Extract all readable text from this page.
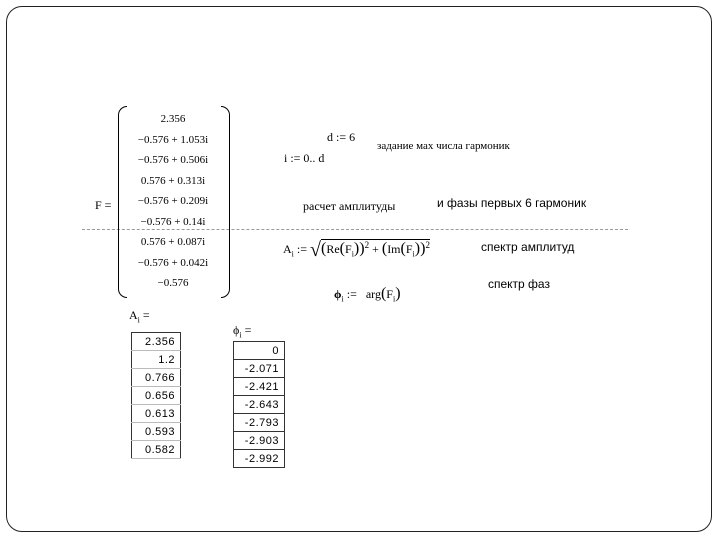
F =
2.356
−0.576 + 1.053i
−0.576 + 0.506i
0.576 + 0.313i
−0.576 + 0.209i
−0.576 + 0.14i
0.576 + 0.087i
−0.576 + 0.042i
−0.576
d := 6
задание мах числа гармоник
i := 0.. d
расчет амплитуды	и фазы первых 6 гармоник
$A_i$ := $√(Re(F_i))^2 + (Im(F_i))^2$	спектр амплитуд
$\phi_i$ := $arg(F_i)$
спектр фаз
$A_i$ =
2.356
1.2
0.766
0.656
0.613
0.593
0.582
$\phi_i$ =
0
-2.071
-2.421
-2.643
-2.793
-2.903
-2.992
